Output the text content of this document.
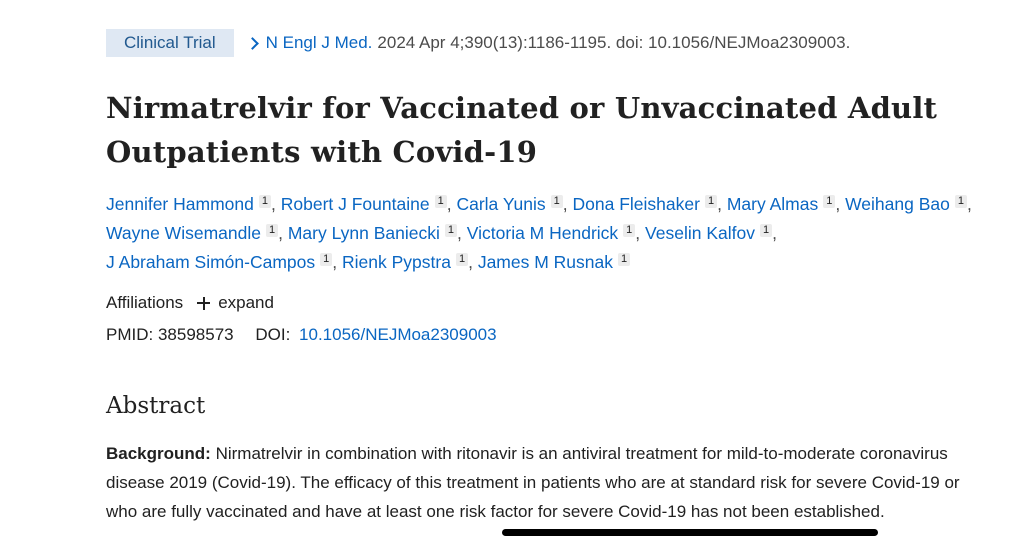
Clinical Trial	N Engl J Med. 2024 Apr 4;390(13):1186-1195. doi: 10.1056/NEJMoa2309003.
Nirmatrelvir for Vaccinated or Unvaccinated Adult Outpatients with Covid-19
Jennifer Hammond 1 , Robert J Fountaine 1 , Carla Yunis 1 , Dona Fleishaker 1 , Mary Almas 1 , Weihang Bao 1 , Wayne Wisemandle 1 , Mary Lynn Baniecki 1 , Victoria M Hendrick 1 , Veselin Kalfov 1 , J Abraham Simón-Campos 1 , Rienk Pypstra 1 , James M Rusnak 1
Affiliations expand
PMID: 38598573 DOI: 10.1056/NEJMoa2309003
Abstract

Background: Nirmatrelvir in combination with ritonavir is an antiviral treatment for mild-to-moderate coronavirus disease 2019 (Covid-19). The efficacy of this treatment in patients who are at standard risk for severe Covid-19 or who are fully vaccinated and have at least one risk factor for severe Covid-19 has not been established.
